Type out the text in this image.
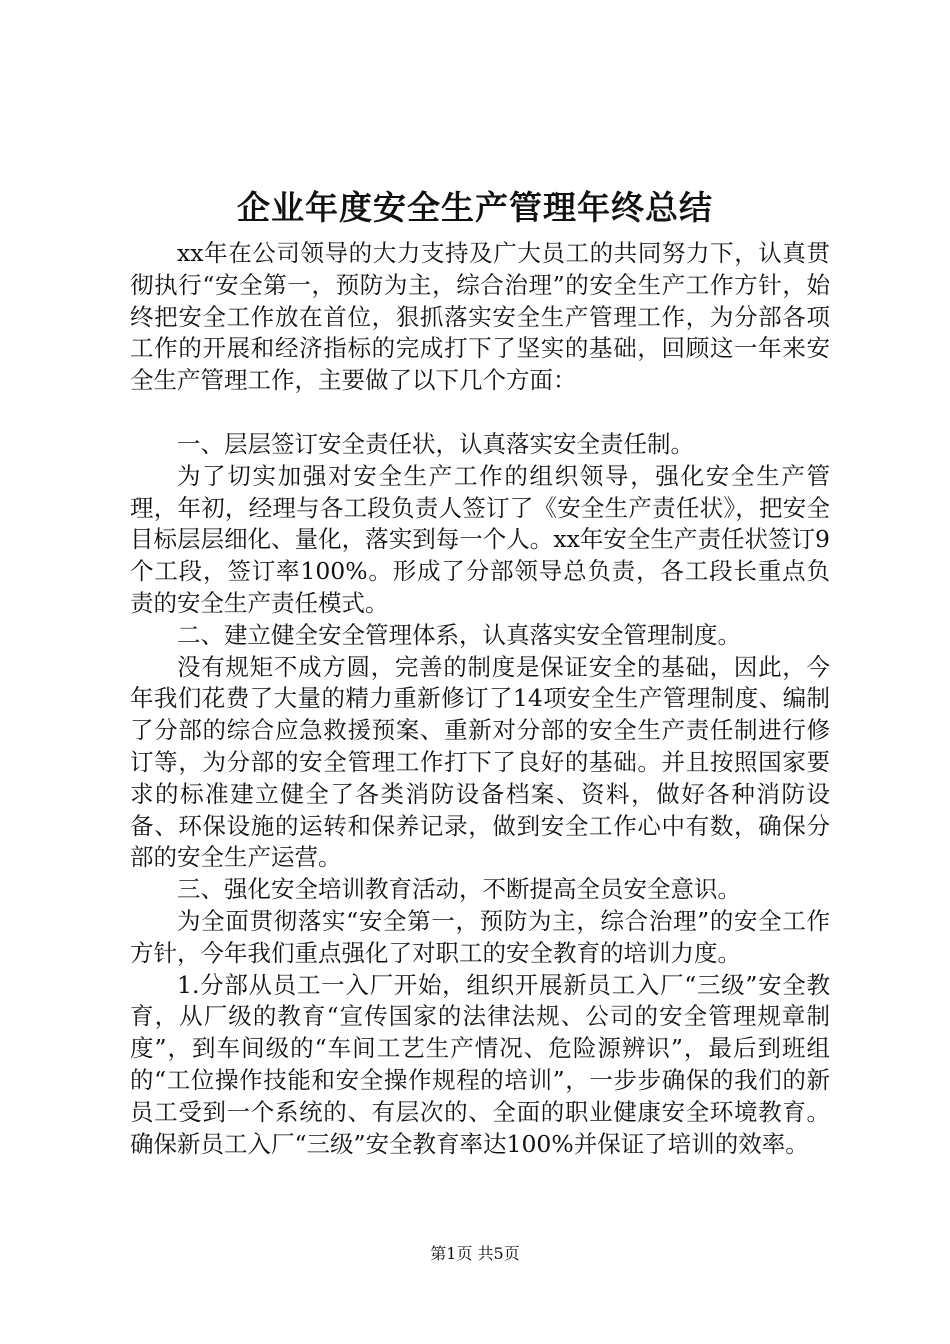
企业年度安全生产管理年终总结

xx年在公司领导的大力支持及广大员工的共同努力下，认真贯彻执行“安全第一，预防为主，综合治理”的安全生产工作方针，始终把安全工作放在首位，狠抓落实安全生产管理工作，为分部各项工作的开展和经济指标的完成打下了坚实的基础，回顾这一年来安全生产管理工作，主要做了以下几个方面：

一、层层签订安全责任状，认真落实安全责任制。

为了切实加强对安全生产工作的组织领导，强化安全生产管理，年初，经理与各工段负责人签订了《安全生产责任状》，把安全目标层层细化、量化，落实到每一个人。xx年安全生产责任状签订9个工段，签订率100%。形成了分部领导总负责，各工段长重点负责的安全生产责任模式。

二、建立健全安全管理体系，认真落实安全管理制度。

没有规矩不成方圆，完善的制度是保证安全的基础，因此，今年我们花费了大量的精力重新修订了14项安全生产管理制度、编制了分部的综合应急救援预案、重新对分部的安全生产责任制进行修订等，为分部的安全管理工作打下了良好的基础。并且按照国家要求的标准建立健全了各类消防设备档案、资料，做好各种消防设备、环保设施的运转和保养记录，做到安全工作心中有数，确保分部的安全生产运营。

三、强化安全培训教育活动，不断提高全员安全意识。

为全面贯彻落实“安全第一，预防为主，综合治理”的安全工作方针，今年我们重点强化了对职工的安全教育的培训力度。

1.分部从员工一入厂开始，组织开展新员工入厂“三级”安全教育，从厂级的教育“宣传国家的法律法规、公司的安全管理规章制度”，到车间级的“车间工艺生产情况、危险源辨识”，最后到班组的“工位操作技能和安全操作规程的培训”，一步步确保的我们的新员工受到一个系统的、有层次的、全面的职业健康安全环境教育。确保新员工入厂“三级”安全教育率达100%并保证了培训的效率。

第1页 共5页
